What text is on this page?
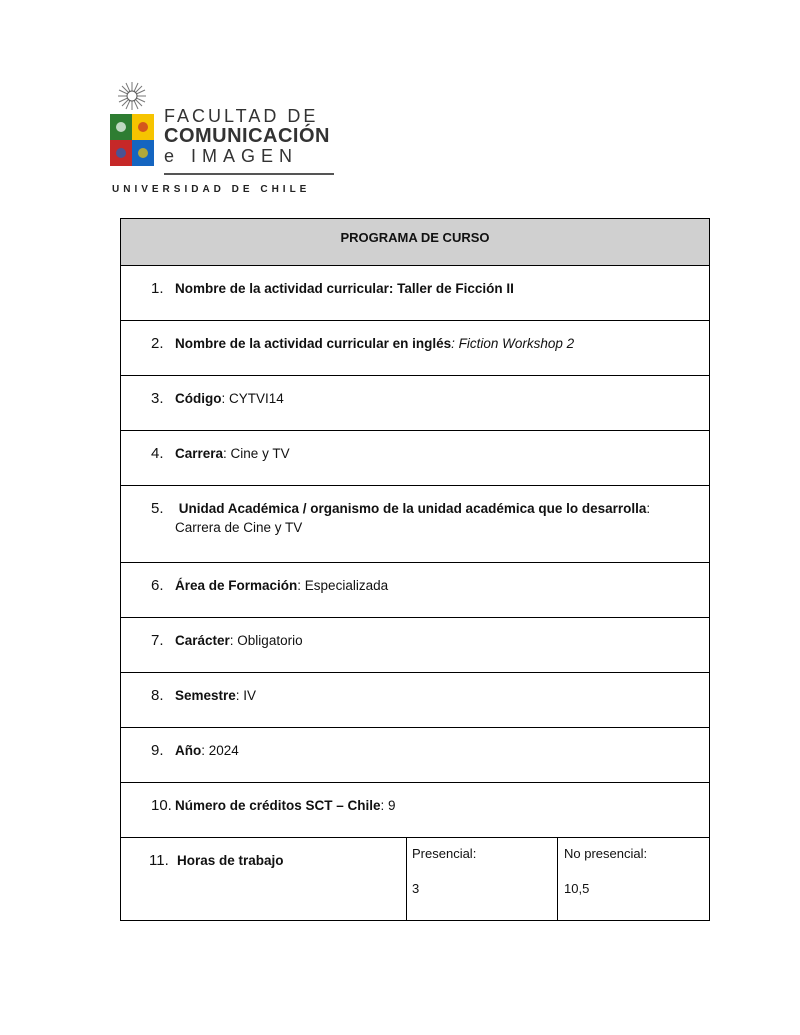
FACULTAD DE
COMUNICACIÓN
e IMAGEN
UNIVERSIDAD DE CHILE
PROGRAMA DE CURSO
1. Nombre de la actividad curricular: Taller de Ficción II
2. Nombre de la actividad curricular en inglés: Fiction Workshop 2
3. Código: CYTVI14
4. Carrera: Cine y TV
5. Unidad Académica / organismo de la unidad académica que lo desarrolla:
Carrera de Cine y TV
6. Área de Formación: Especializada
7. Carácter: Obligatorio
8. Semestre: IV
9. Año: 2024
10. Número de créditos SCT – Chile: 9
11. Horas de trabajo	Presencial:
3
No presencial:
10,5
